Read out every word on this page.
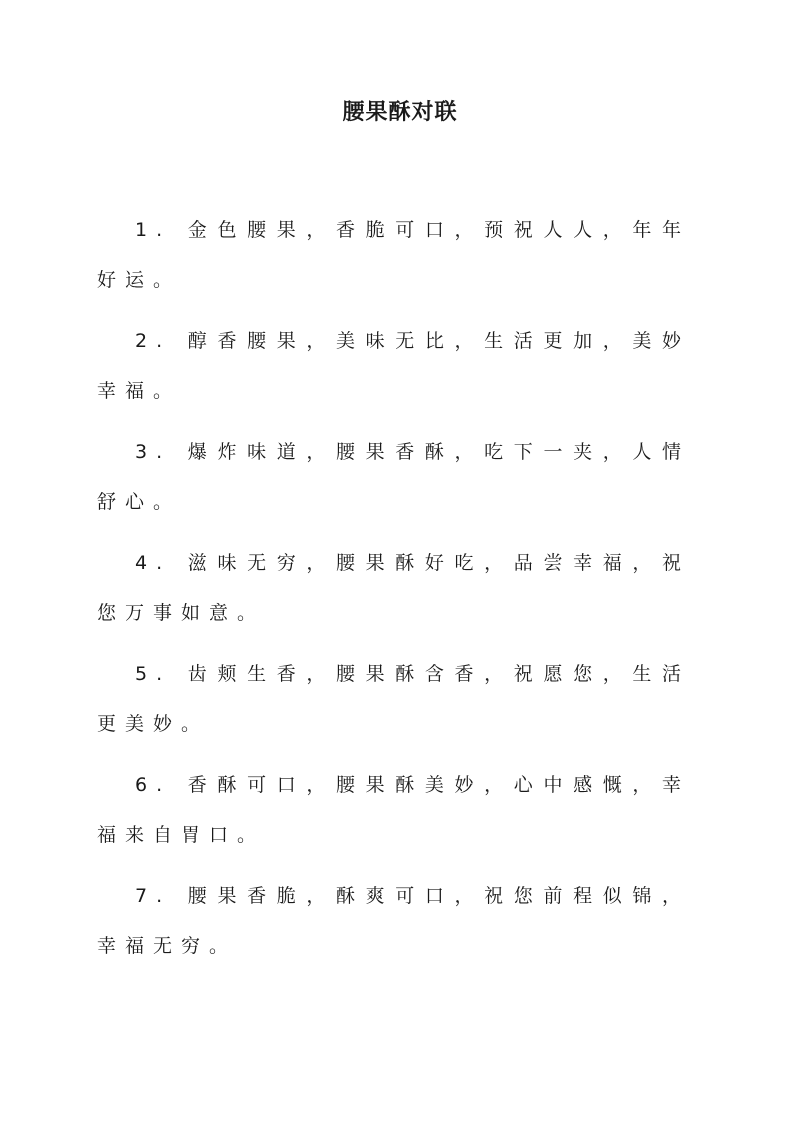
腰果酥对联

1. 金色腰果，香脆可口，预祝人人，年年好运。

2. 醇香腰果，美味无比，生活更加，美妙幸福。

3. 爆炸味道，腰果香酥，吃下一夹，人情舒心。

4. 滋味无穷，腰果酥好吃，品尝幸福，祝您万事如意。

5. 齿颊生香，腰果酥含香，祝愿您，生活更美妙。

6. 香酥可口，腰果酥美妙，心中感慨，幸福来自胃口。

7. 腰果香脆，酥爽可口，祝您前程似锦，幸福无穷。
